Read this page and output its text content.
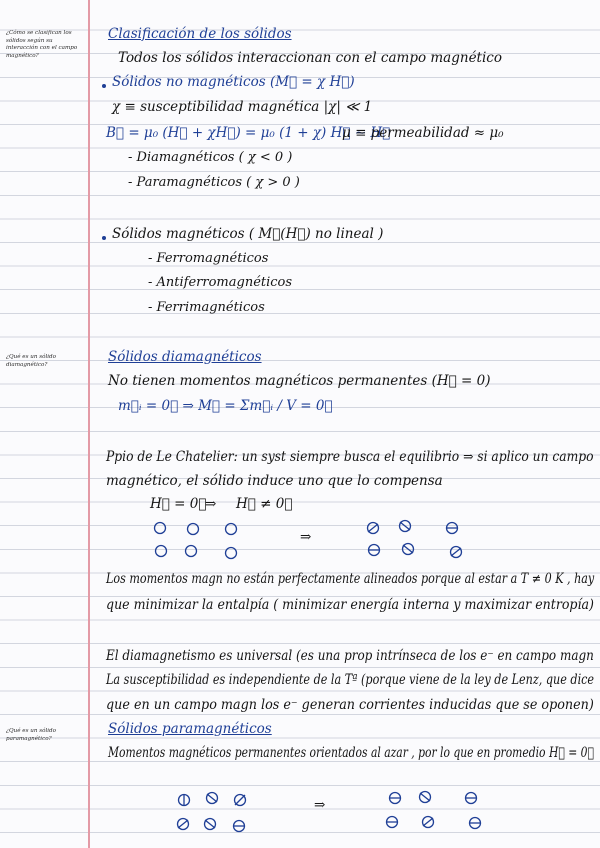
¿Cómo se clasifican los sólidos según su interacción con el campo magnético?
¿Qué es un sólido diamagnético?
¿Qué es un sólido paramagnético?
Clasificación de los sólidos
Todos los sólidos interaccionan con el campo magnético
Sólidos no magnéticos (M⃗ = χ H⃗)
χ ≡ susceptibilidad magnética |χ| ≪ 1
B⃗ = μ₀ (H⃗ + χH⃗) = μ₀ (1 + χ) H⃗ ∼ H⃗
μ ≡ permeabilidad ≈ μ₀
- Diamagnéticos ( χ < 0 )
- Paramagnéticos ( χ > 0 )
Sólidos magnéticos ( M⃗(H⃗) no lineal )
- Ferromagnéticos
- Antiferromagnéticos
- Ferrimagnéticos
Sólidos diamagnéticos
No tienen momentos magnéticos permanentes (H⃗ = 0)
m⃗ᵢ = 0⃗ ⇒ M⃗ = Σm⃗ᵢ / V = 0⃗
Ppio de Le Chatelier: un syst siempre busca el equilibrio ⇒ si aplico un campo
magnético, el sólido induce uno que lo compensa
H⃗ = 0⃗
⇒ H⃗ ≠ 0⃗
⇒
Los momentos magn no están perfectamente alineados porque al estar a T ≠ 0 K , hay
que minimizar la entalpía ( minimizar energía interna y maximizar entropía)
El diamagnetismo es universal (es una prop intrínseca de los e⁻ en campo magn
La susceptibilidad es independiente de la Tª (porque viene de la ley de Lenz, que dice
que en un campo magn los e⁻ generan corrientes inducidas que se oponen)
Sólidos paramagnéticos
Momentos magnéticos permanentes orientados al azar , por lo que en promedio H⃗ = 0⃗
⇒
